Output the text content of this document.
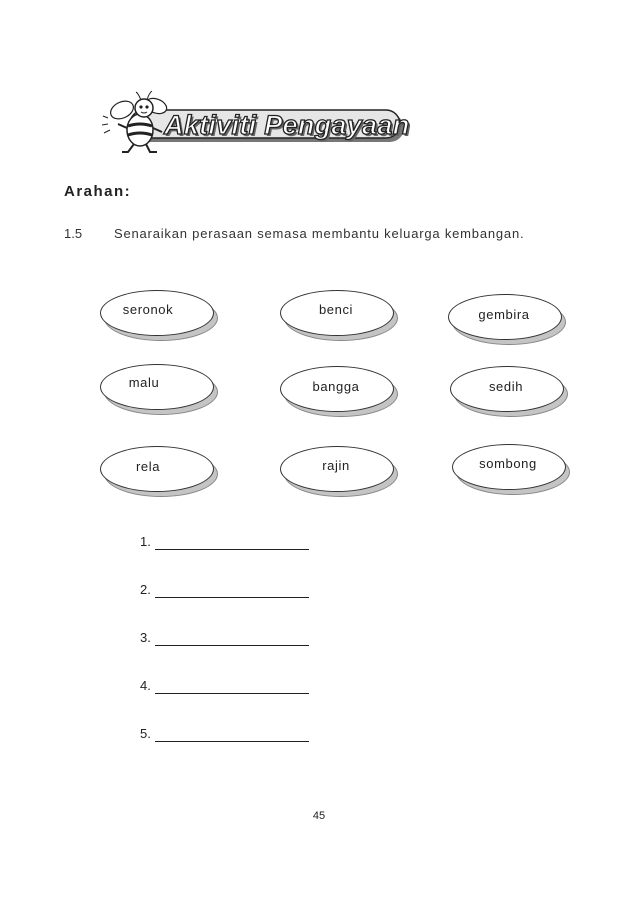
Aktiviti Pengayaan
Arahan:
1.5 Senaraikan perasaan semasa membantu keluarga kembangan.
seronok	benci	gembira
malu	bangga	sedih
rela	rajin	sombong
1.
2.
3.
4.
5.
45
